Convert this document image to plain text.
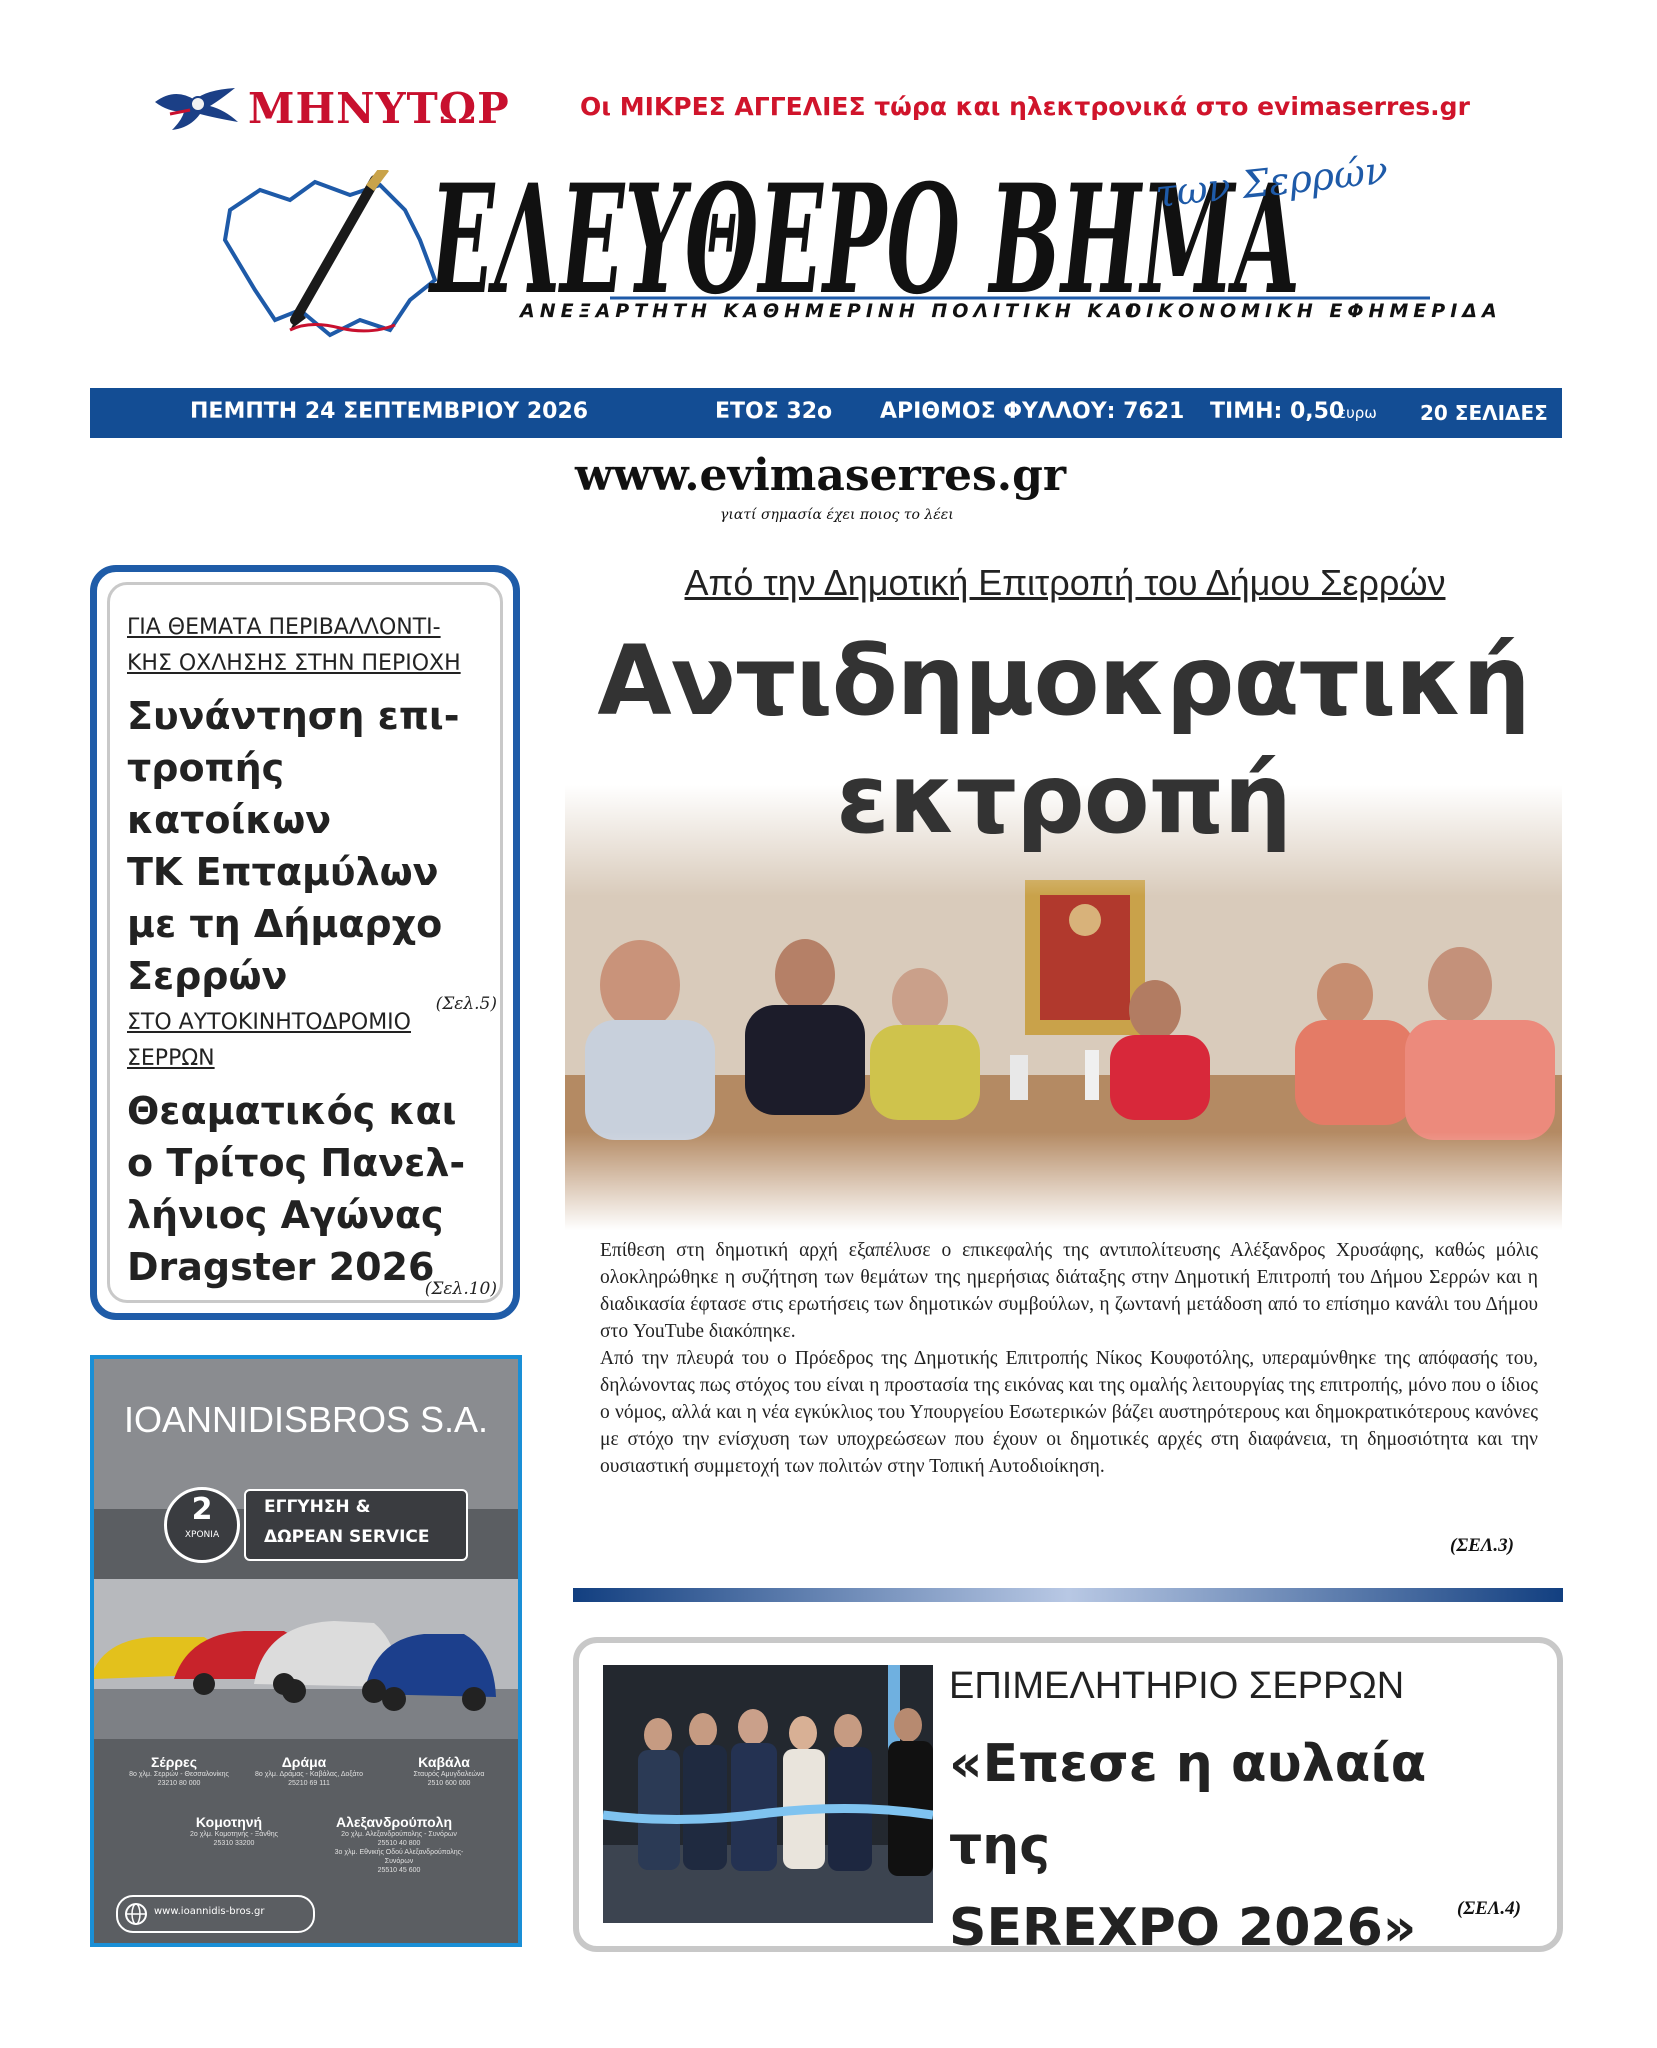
ΜΗΝΥΤΩΡ	Οι ΜΙΚΡΕΣ ΑΓΓΕΛΙΕΣ τώρα και ηλεκτρονικά στο evimaserres.gr
ΕΛΕΥΘΕΡΟ ΒΗΜΑ
των Σερρών
ΑΝΕΞΑΡΤΗΤΗ ΚΑΘΗΜΕΡΙΝΗ ΠΟΛΙΤΙΚΗ ΚΑΙ
ΟΙΚΟΝΟΜΙΚΗ ΕΦΗΜΕΡΙΔΑ
ΠΕΜΠΤΗ 24 ΣΕΠΤΕΜΒΡΙΟΥ 2026	ΕΤΟΣ 32ο ΑΡΙΘΜΟΣ ΦΥΛΛΟΥ: 7621 ΤΙΜΗ: 0,50
ευρω 20 ΣΕΛΙΔΕΣ
www.evimaserres.gr
γιατί σημασία έχει ποιος το λέει
ΓΙΑ ΘΕΜΑΤΑ ΠΕΡΙΒΑΛΛΟΝΤΙ-
ΚΗΣ ΟΧΛΗΣΗΣ ΣΤΗΝ ΠΕΡΙΟΧΗ
Συνάντηση επι-
τροπής κατοίκων
ΤΚ Επταμύλων
με τη Δήμαρχο
Σερρών
(Σελ.5)
ΣΤΟ ΑΥΤΟΚΙΝΗΤΟΔΡΟΜΙΟ
ΣΕΡΡΩΝ
Θεαματικός και
ο Τρίτος Πανελ-
λήνιος Αγώνας
Dragster 2026
(Σελ.10)
IOANNIDISBROS S.A.
2
ΧΡΟΝΙΑ
ΕΓΓΥΗΣΗ &
ΔΩΡΕΑΝ SERVICE
Σέρρες
8ο χλμ. Σερρών - Θεσσαλονίκης
23210 80 000
Δράμα
8ο χλμ. Δράμας - Καβάλας, Δοξάτο
25210 69 111
Καβάλα
Σταυρός Αμυγδαλεώνα
2510 600 000
Κομοτηνή
2ο χλμ. Κομοτηνής - Ξάνθης
25310 33200
Αλεξανδρούπολη
2ο χλμ. Αλεξανδρούπολης - Συνόρων
25510 40 800
3ο χλμ. Εθνικής Οδού Αλεξανδρούπολης-Συνόρων
25510 45 600
www.ioannidis-bros.gr
Από την Δημοτική Επιτροπή του Δήμου Σερρών
Αντιδημοκρατική
εκτροπή

Επίθεση στη δημοτική αρχή εξαπέλυσε ο επικεφαλής της αντιπολίτευσης Αλέξανδρος Χρυσάφης, καθώς μόλις ολοκληρώθηκε η συζήτηση των θεμάτων της ημερήσιας διάταξης στην Δημοτική Επιτροπή του Δήμου Σερρών και η διαδικασία έφτασε στις ερωτήσεις των δημοτικών συμβούλων, η ζωντανή μετάδοση από το επίσημο κανάλι του Δήμου στο YouTube διακόπηκε.

Από την πλευρά του ο Πρόεδρος της Δημοτικής Επιτροπής Νίκος Κουφοτόλης, υπεραμύνθηκε της απόφασής του, δηλώνοντας πως στόχος του είναι η προστασία της εικόνας και της ομαλής λειτουργίας της επιτροπής, μόνο που ο ίδιος ο νόμος, αλλά και η νέα εγκύκλιος του Υπουργείου Εσωτερικών βάζει αυστηρότερους και δημοκρατικότερους κανόνες με στόχο την ενίσχυση των υποχρεώσεων που έχουν οι δημοτικές αρχές στη διαφάνεια, τη δημοσιότητα και την ουσιαστική συμμετοχή των πολιτών στην Τοπική Αυτοδιοίκηση.

(ΣΕΛ.3)
ΕΠΙΜΕΛΗΤΗΡΙΟ ΣΕΡΡΩΝ
«Επεσε η αυλαία της
SEREXPO 2026»	(ΣΕΛ.4)
